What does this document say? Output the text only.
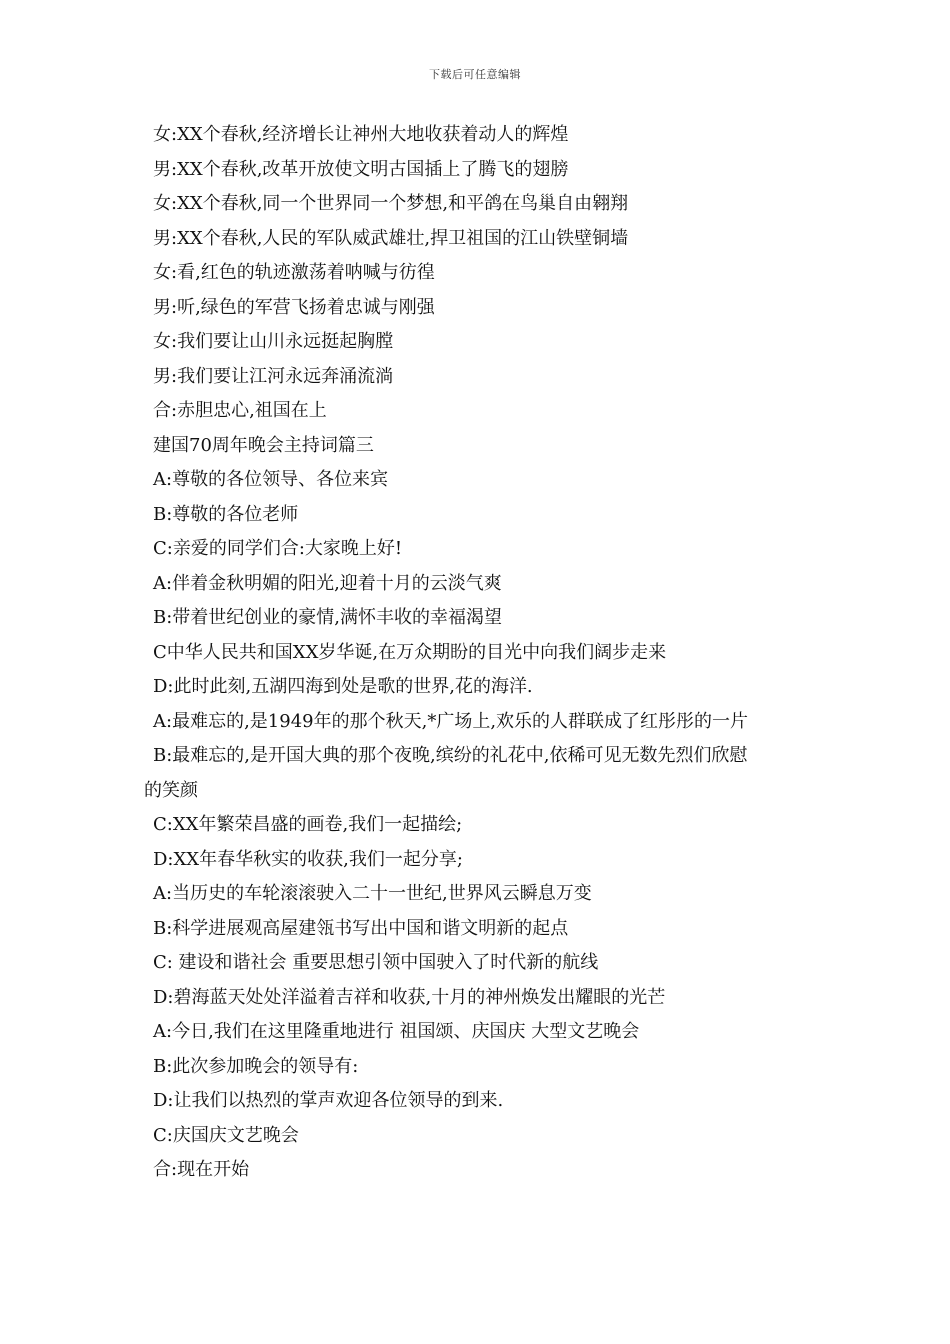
下载后可任意编辑
女:XX个春秋,经济增长让神州大地收获着动人的辉煌
男:XX个春秋,改革开放使文明古国插上了腾飞的翅膀
女:XX个春秋,同一个世界同一个梦想,和平鸽在鸟巢自由翱翔
男:XX个春秋,人民的军队威武雄壮,捍卫祖国的江山铁壁铜墙
女:看,红色的轨迹激荡着呐喊与彷徨
男:听,绿色的军营飞扬着忠诚与刚强
女:我们要让山川永远挺起胸膛
男:我们要让江河永远奔涌流淌
合:赤胆忠心,祖国在上
建国70周年晚会主持词篇三
A:尊敬的各位领导、各位来宾
B:尊敬的各位老师
C:亲爱的同学们合:大家晚上好!
A:伴着金秋明媚的阳光,迎着十月的云淡气爽
B:带着世纪创业的豪情,满怀丰收的幸福渴望
C中华人民共和国XX岁华诞,在万众期盼的目光中向我们阔步走来
D:此时此刻,五湖四海到处是歌的世界,花的海洋.
A:最难忘的,是1949年的那个秋天,*广场上,欢乐的人群联成了红彤彤的一片
B:最难忘的,是开国大典的那个夜晚,缤纷的礼花中,依稀可见无数先烈们欣慰
的笑颜
C:XX年繁荣昌盛的画卷,我们一起描绘;
D:XX年春华秋实的收获,我们一起分享;
A:当历史的车轮滚滚驶入二十一世纪,世界风云瞬息万变
B:科学进展观高屋建瓴书写出中国和谐文明新的起点
C: 建设和谐社会 重要思想引领中国驶入了时代新的航线
D:碧海蓝天处处洋溢着吉祥和收获,十月的神州焕发出耀眼的光芒
A:今日,我们在这里隆重地进行 祖国颂、庆国庆 大型文艺晚会
B:此次参加晚会的领导有:
D:让我们以热烈的掌声欢迎各位领导的到来.
C:庆国庆文艺晚会
合:现在开始
